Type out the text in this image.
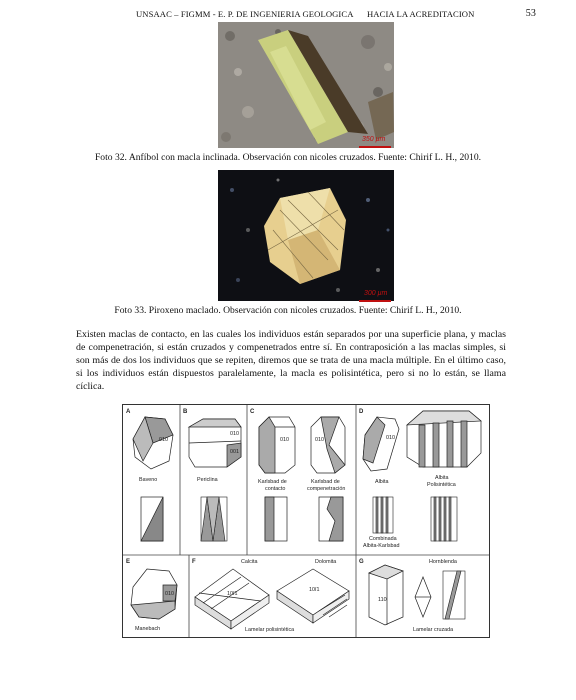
UNSAAC – FIGMM - E. P. DE INGENIERIA GEOLOGICA HACIA LA ACREDITACION	53
350 μm
Foto 32. Anfíbol con macla inclinada. Observación con nicoles cruzados. Fuente: Chirif L. H., 2010.
300 μm
Foto 33. Piroxeno maclado. Observación con nicoles cruzados. Fuente: Chirif L. H., 2010.
Existen maclas de contacto, en las cuales los individuos están separados por una superficie plana, y maclas de compenetración, si están cruzados y compenetrados entre sí. En contraposición a las maclas simples, si son más de dos los individuos que se repiten, diremos que se trata de una macla múltiple. En el último caso, si los individuos están dispuestos paralelamente, la macla es polisintética, pero si no lo están, se llama cíclica.
A	B	C	D
E	F	G
010
Baveno
010
001
Periclina
010
Karlsbad de
contacto
010
Karlsbad de
compenetración
010
Albita
Albita
Polisintética
Combinada
Albita-Karlsbad
010
Manebach
Calcita
10ī1
Dolomita
10ī1
Lamelar polisintética
Hornblenda
110
Lamelar cruzada
